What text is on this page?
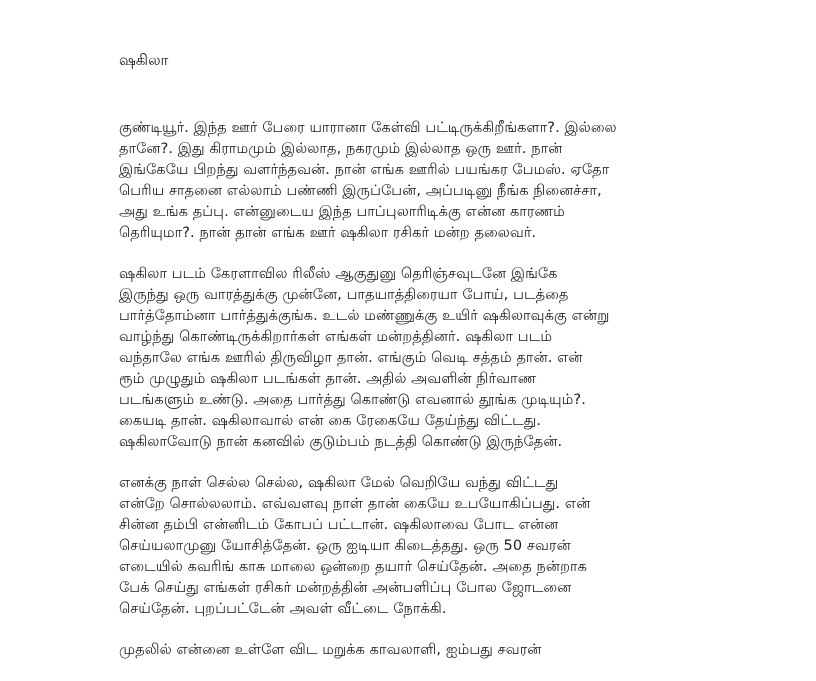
ஷகிலா
குண்டியூர். இந்த ஊர் பேரை யாரானா கேள்வி பட்டிருக்கிறீங்களா?. இல்லை
தானே?. இது கிராமமும் இல்லாத, நகரமும் இல்லாத ஒரு ஊர். நான்
இங்கேயே பிறந்து வளர்ந்தவன். நான் எங்க ஊரில் பயங்கர பேமஸ். ஏதோ
பெரிய சாதனை எல்லாம் பண்ணி இருப்பேன், அப்படினு நீங்க நினைச்சா,
அது உங்க தப்பு. என்னுடைய இந்த பாப்புலாரிடிக்கு என்ன காரணம்
தெரியுமா?. நான் தான் எங்க ஊர் ஷகிலா ரசிகர் மன்ற தலைவர்.
ஷகிலா படம் கேரளாவில ரிலீஸ் ஆகுதுனு தெரிஞ்சவுடனே இங்கே
இருந்து ஒரு வாரத்துக்கு முன்னே, பாதயாத்திரையா போய், படத்தை
பார்த்தோம்னா பார்த்துக்குங்க. உடல் மண்ணுக்கு உயிர் ஷகிலாவுக்கு என்று
வாழ்ந்து கொண்டிருக்கிறார்கள் எங்கள் மன்றத்தினர். ஷகிலா படம்
வந்தாலே எங்க ஊரில் திருவிழா தான். எங்கும் வெடி சத்தம் தான். என்
ரூம் முழுதும் ஷகிலா படங்கள் தான். அதில் அவளின் நிர்வாண
படங்களும் உண்டு. அதை பார்த்து கொண்டு எவனால் தூங்க முடியும்?.
கையடி தான். ஷகிலாவால் என் கை ரேகையே தேய்ந்து விட்டது.
ஷகிலாவோடு நான் கனவில் குடும்பம் நடத்தி கொண்டு இருந்தேன்.
எனக்கு நாள் செல்ல செல்ல, ஷகிலா மேல் வெறியே வந்து விட்டது
என்றே சொல்லலாம். எவ்வளவு நாள் தான் கையே உபயோகிப்பது. என்
சின்ன தம்பி என்னிடம் கோபப் பட்டான். ஷகிலாவை போட என்ன
செய்யலாமுனு யோசித்தேன். ஒரு ஐடியா கிடைத்தது. ஒரு 50 சவரன்
எடையில் கவரிங் காசு மாலை ஒன்றை தயார் செய்தேன். அதை நன்றாக
பேக் செய்து எங்கள் ரசிகர் மன்றத்தின் அன்பளிப்பு போல ஜோடனை
செய்தேன். புறப்பட்டேன் அவள் வீட்டை நோக்கி.
முதலில் என்னை உள்ளே விட மறுக்க காவலாளி, ஐம்பது சவரன்
